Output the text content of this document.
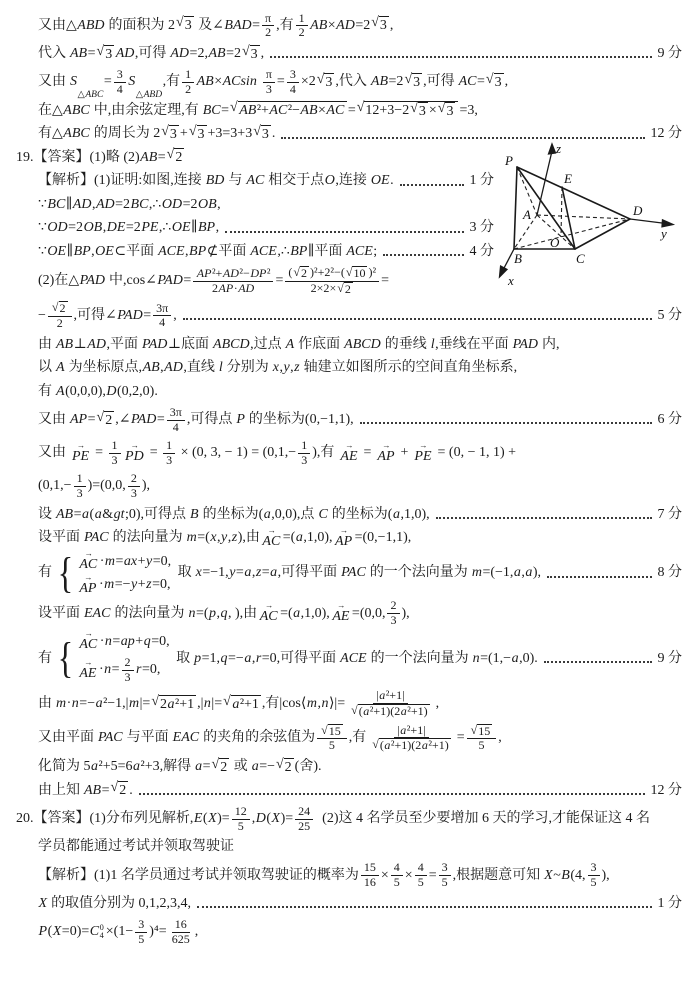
又由△ABD 的面积为 2 √ 3 及∠BAD= $\frac{\pi}{2}$ ,有 $\frac{1}{2} AB\times AD=2$ √ 3 ,
代入 AB= √ 3 AD,可得 AD=2,AB=2 √ 3 ,	9 分
又由 S
△ABC
= $\frac{3}{4}$ S
△ABD
,有 $\frac{1}{2} AB\times ACsin \frac{\pi}{3} = \frac{3}{4} \times 2$ √ 3 ,代入 AB=2 √ 3 ,可得 AC= √ 3 ,
在△ABC 中,由余弦定理,有 BC= √ AB²+AC²−AB×AC = √ 12+3−2 √ 3 × √ 3 =3,
有△ABC 的周长为 2 √ 3 + √ 3 +3=3+3 √ 3 .	12 分
P
z
E
A	D
y
O
B	C
x
19.【答案】(1)略 (2)AB= √ 2
【解析】(1)证明:如图,连接 BD 与 AC 相交于点O,连接 OE.	1 分
∵BC∥AD,AD=2BC,∴OD=2OB,
∵OD=2OB,DE=2PE,∴OE∥BP,	3 分
∵OE∥BP,OE⊂平面 ACE,BP⊄平面 ACE,∴BP∥平面 ACE;	4 分
(2)在△PAD 中,cos∠PAD= $\frac{\text{AP²+AD²−DP²}}{2AP\cdot AD} = \frac{\text{( √ 2 )²+2²−( √ 10 )²}}{2\times 2\times √ 2}$ =
− $\frac{√ 2}{2}$ ,可得∠PAD= $\frac{3\pi}{4}$ ,	5 分
由 AB⊥AD,平面 PAD⊥底面 ABCD,过点 A 作底面 ABCD 的垂线 l,垂线在平面 PAD 内,
以 A 为坐标原点,AB,AD,直线 l 分别为 x,y,z 轴建立如图所示的空间直角坐标系,
有 A(0,0,0),D(0,2,0).
又由 AP= √ 2 ,∠PAD= $\frac{3\pi}{4}$ ,可得点 P 的坐标为(0,−1,1),	6 分
又由 →
PE = $\frac{1}{3}$ →
PD = $\frac{1}{3} \times (0$, 3, − $1) = (0,1,- \frac{1}{3}$ ),有 →
AE = →
AP + →
PE = (0, − 1, 1) +
$(0,1,- \frac{1}{3} )=(0,0$, $\frac{2}{3}$ ),
设 AB=a(a&gt;0),可得点 B 的坐标为(a,0,0),点 C 的坐标为(a,1,0),	7 分
设平面 PAC 的法向量为 m=(x,y,z),由 →
AC =(a,1,0), →
AP =(0,−1,1),
有 { →
AC ·m=ax+y=0,
→
AP ·m=−y+z=0,
取 x=−1,y=a,z=a,可得平面 PAC 的一个法向量为 m=(−1,a,a),	8 分
设平面 EAC 的法向量为 n=(p,q, ),由 →
AC =(a,1,0), →
AE =(0,0, $\frac{2}{3}$ ),
有 {
→
AC ·n=ap+q=0,
→
AE $\cdot n= \frac{2}{3} r=0$,
取 p=1,q=−a,r=0,可得平面 ACE 的一个法向量为 n=(1,−a,0).	9 分
由 m·n=−a²−1,|m|= √ 2a²+1 ,|n|= √ a²+1 ,有|cos⟨m,n⟩|= $\frac{\text{|a²+1|}}{\text{√ (a²+1)(2a²+1)}}$ ,
又由平面 PAC 与平面 EAC 的夹角的余弦值为 $\frac{√ 15}{5}$ ,有 $\frac{\text{|a²+1|}}{\text{√ (a²+1)(2a²+1)}} = \frac{√ 15}{5}$ ,
化简为 5a²+5=6a²+3,解得 a= √ 2 或 a=− √ 2 (舍).
由上知 AB= √ 2 .	12 分
20.【答案】(1)分布列见解析$,E(X)= \frac{12}{5} ,D(X)= \frac{24}{25} (2)$这 4 名学员至少要增加 6 天的学习,才能保证这 4 名
学员都能通过考试并领取驾驶证
【解析】(1)1 名学员通过考试并领取驾驶证的概率为 $\frac{15}{16} \times \frac{4}{5} \times \frac{4}{5} = \frac{3}{5}$ ,根据题意可知 X~B(4, $\frac{3}{5}$ ),
X 的取值分别为 0,1,2,3,4,	1 分
P(X=0)=C 0
$4 \times(1- \frac{3}{5} )^4= \frac{16}{625}$ ,
